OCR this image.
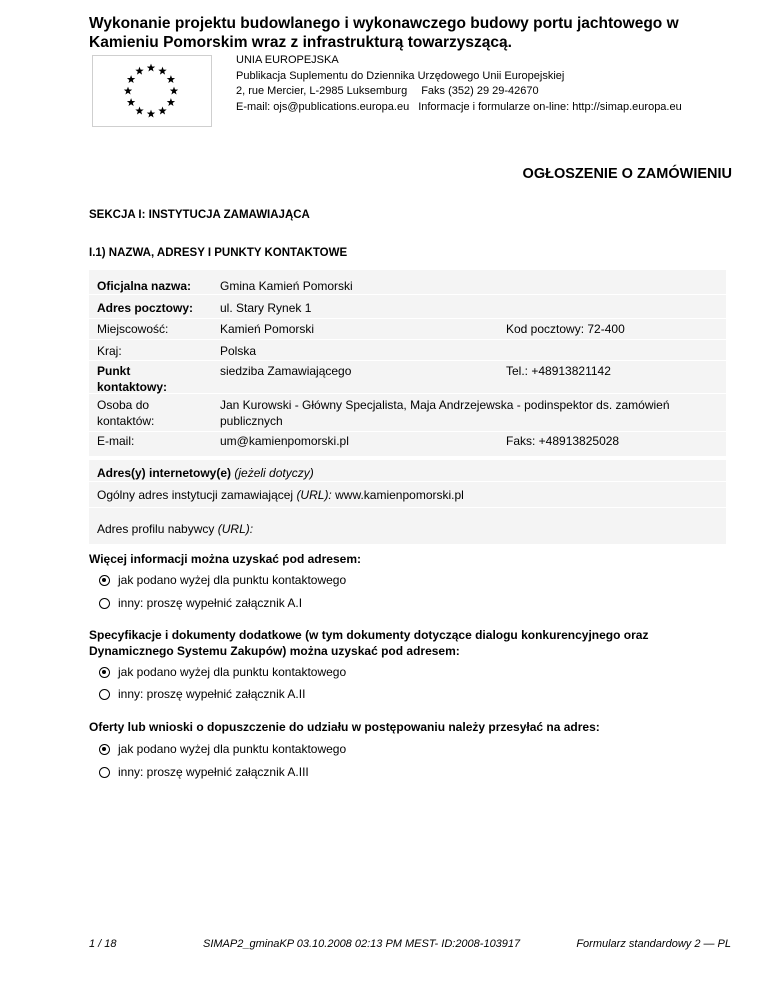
Wykonanie projektu budowlanego i wykonawczego budowy portu jachtowego w Kamieniu Pomorskim wraz z infrastrukturą towarzyszącą.
UNIA EUROPEJSKA
Publikacja Suplementu do Dziennika Urzędowego Unii Europejskiej
2, rue Mercier, L-2985 Luksemburg Faks (352) 29 29-42670
E-mail: ojs@publications.europa.eu Informacje i formularze on-line: http://simap.europa.eu
OGŁOSZENIE O ZAMÓWIENIU
SEKCJA I: INSTYTUCJA ZAMAWIAJĄCA
I.1) NAZWA, ADRESY I PUNKTY KONTAKTOWE
Oficjalna nazwa: Gmina Kamień Pomorski
Adres pocztowy: ul. Stary Rynek 1
Miejscowość:	Kamień Pomorski	Kod pocztowy: 72-400
Kraj:	Polska
Punkt
kontaktowy:
siedziba Zamawiającego	Tel.: +48913821142
Osoba do
kontaktów:
Jan Kurowski - Główny Specjalista, Maja Andrzejewska - podinspektor ds. zamówień
publicznych
E-mail:	um@kamienpomorski.pl	Faks: +48913825028
Adres(y) internetowy(e) (jeżeli dotyczy)
Ogólny adres instytucji zamawiającej (URL): www.kamienpomorski.pl
Adres profilu nabywcy (URL):
Więcej informacji można uzyskać pod adresem:
jak podano wyżej dla punktu kontaktowego
inny: proszę wypełnić załącznik A.I
Specyfikacje i dokumenty dodatkowe (w tym dokumenty dotyczące dialogu konkurencyjnego oraz
Dynamicznego Systemu Zakupów) można uzyskać pod adresem:
jak podano wyżej dla punktu kontaktowego
inny: proszę wypełnić załącznik A.II
Oferty lub wnioski o dopuszczenie do udziału w postępowaniu należy przesyłać na adres:
jak podano wyżej dla punktu kontaktowego
inny: proszę wypełnić załącznik A.III
1 / 18	SIMAP2_gminaKP 03.10.2008 02:13 PM MEST- ID:2008-103917	Formularz standardowy 2 — PL
